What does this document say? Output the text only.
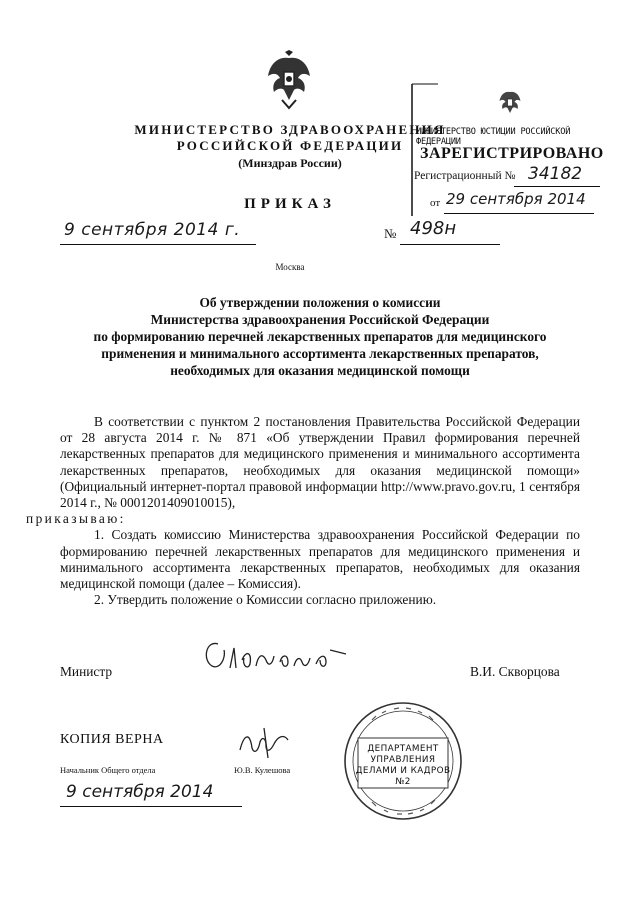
МИНИСТЕРСТВО ЗДРАВООХРАНЕНИЯ
РОССИЙСКОЙ ФЕДЕРАЦИИ
(Минздрав России)
ПРИКАЗ
9 сентября 2014 г.	№ 498н
Москва
МИНИСТЕРСТВО ЮСТИЦИИ РОССИЙСКОЙ ФЕДЕРАЦИИ
ЗАРЕГИСТРИРОВАНО
Регистрационный № 34182
от 29 сентября 2014
Об утверждении положения о комиссии
Министерства здравоохранения Российской Федерации
по формированию перечней лекарственных препаратов для медицинского
применения и минимального ассортимента лекарственных препаратов,
необходимых для оказания медицинской помощи

В соответствии с пунктом 2 постановления Правительства Российской Федерации от 28 августа 2014 г. № 871 «Об утверждении Правил формирования перечней лекарственных препаратов для медицинского применения и минимального ассортимента лекарственных препаратов, необходимых для оказания медицинской помощи» (Официальный интернет-портал правовой информации http://www.pravo.gov.ru, 1 сентября 2014 г., № 0001201409010015),
приказываю:

1. Создать комиссию Министерства здравоохранения Российской Федерации по формированию перечней лекарственных препаратов для медицинского применения и минимального ассортимента лекарственных препаратов, необходимых для оказания медицинской помощи (далее – Комиссия).

2. Утвердить положение о Комиссии согласно приложению.

Министр	В.И. Скворцова
КОПИЯ ВЕРНА
Начальник Общего отдела	Ю.В. Кулешова
9 сентября 2014
ДЕПАРТАМЕНТ
УПРАВЛЕНИЯ
ДЕЛАМИ И КАДРОВ
№2
